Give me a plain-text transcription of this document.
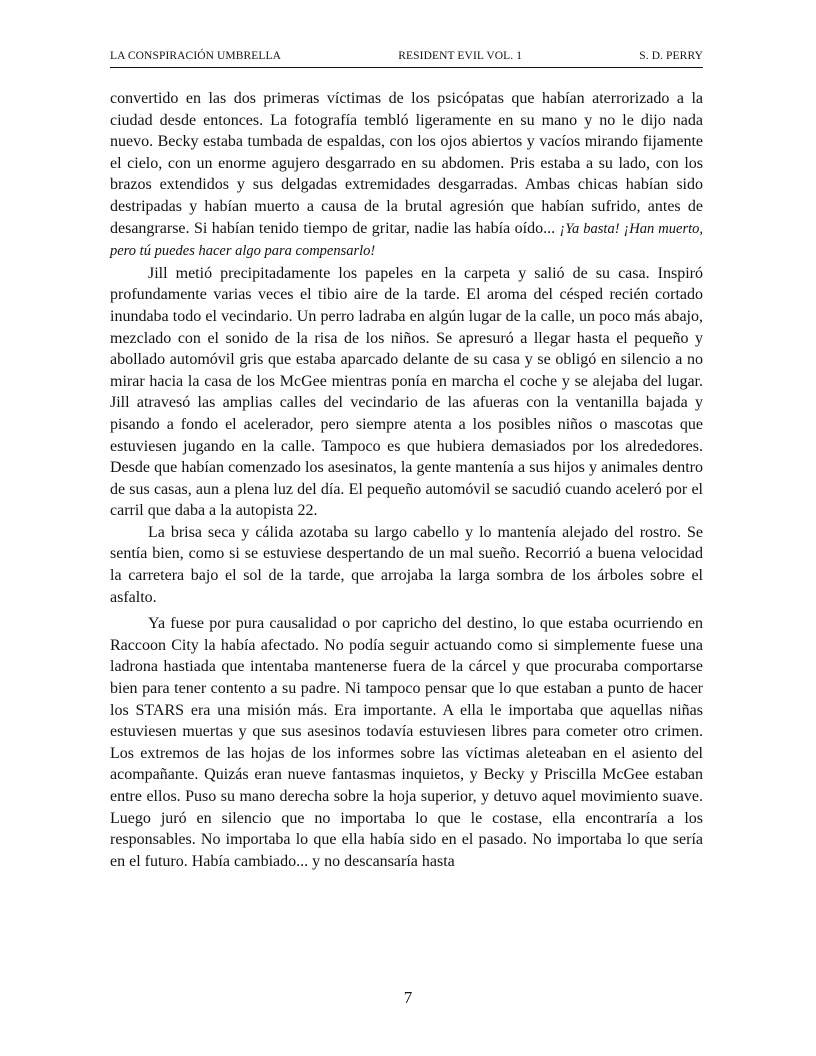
LA CONSPIRACIÓN UMBRELLA	RESIDENT EVIL VOL. 1	S. D. PERRY

convertido en las dos primeras víctimas de los psicópatas que habían aterrorizado a la ciudad desde entonces. La fotografía tembló ligeramente en su mano y no le dijo nada nuevo. Becky estaba tumbada de espaldas, con los ojos abiertos y vacíos mirando fijamente el cielo, con un enorme agujero desgarrado en su abdomen. Pris estaba a su lado, con los brazos extendidos y sus delgadas extremidades desgarradas. Ambas chicas habían sido destripadas y habían muerto a causa de la brutal agresión que habían sufrido, antes de desangrarse. Si habían tenido tiempo de gritar, nadie las había oído... ¡Ya basta! ¡Han muerto, pero tú puedes hacer algo para compensarlo!

Jill metió precipitadamente los papeles en la carpeta y salió de su casa. Inspiró profundamente varias veces el tibio aire de la tarde. El aroma del césped recién cortado inundaba todo el vecindario. Un perro ladraba en algún lugar de la calle, un poco más abajo, mezclado con el sonido de la risa de los niños. Se apresuró a llegar hasta el pequeño y abollado automóvil gris que estaba aparcado delante de su casa y se obligó en silencio a no mirar hacia la casa de los McGee mientras ponía en marcha el coche y se alejaba del lugar. Jill atravesó las amplias calles del vecindario de las afueras con la ventanilla bajada y pisando a fondo el acelerador, pero siempre atenta a los posibles niños o mascotas que estuviesen jugando en la calle. Tampoco es que hubiera demasiados por los alrededores. Desde que habían comenzado los asesinatos, la gente mantenía a sus hijos y animales dentro de sus casas, aun a plena luz del día. El pequeño automóvil se sacudió cuando aceleró por el carril que daba a la autopista 22.

La brisa seca y cálida azotaba su largo cabello y lo mantenía alejado del rostro. Se sentía bien, como si se estuviese despertando de un mal sueño. Recorrió a buena velocidad la carretera bajo el sol de la tarde, que arrojaba la larga sombra de los árboles sobre el asfalto.

Ya fuese por pura causalidad o por capricho del destino, lo que estaba ocurriendo en Raccoon City la había afectado. No podía seguir actuando como si simplemente fuese una ladrona hastiada que intentaba mantenerse fuera de la cárcel y que procuraba comportarse bien para tener contento a su padre. Ni tampoco pensar que lo que estaban a punto de hacer los STARS era una misión más. Era importante. A ella le importaba que aquellas niñas estuviesen muertas y que sus asesinos todavía estuviesen libres para cometer otro crimen. Los extremos de las hojas de los informes sobre las víctimas aleteaban en el asiento del acompañante. Quizás eran nueve fantasmas inquietos, y Becky y Priscilla McGee estaban entre ellos. Puso su mano derecha sobre la hoja superior, y detuvo aquel movimiento suave. Luego juró en silencio que no importaba lo que le costase, ella encontraría a los responsables. No importaba lo que ella había sido en el pasado. No importaba lo que sería en el futuro. Había cambiado... y no descansaría hasta

7
